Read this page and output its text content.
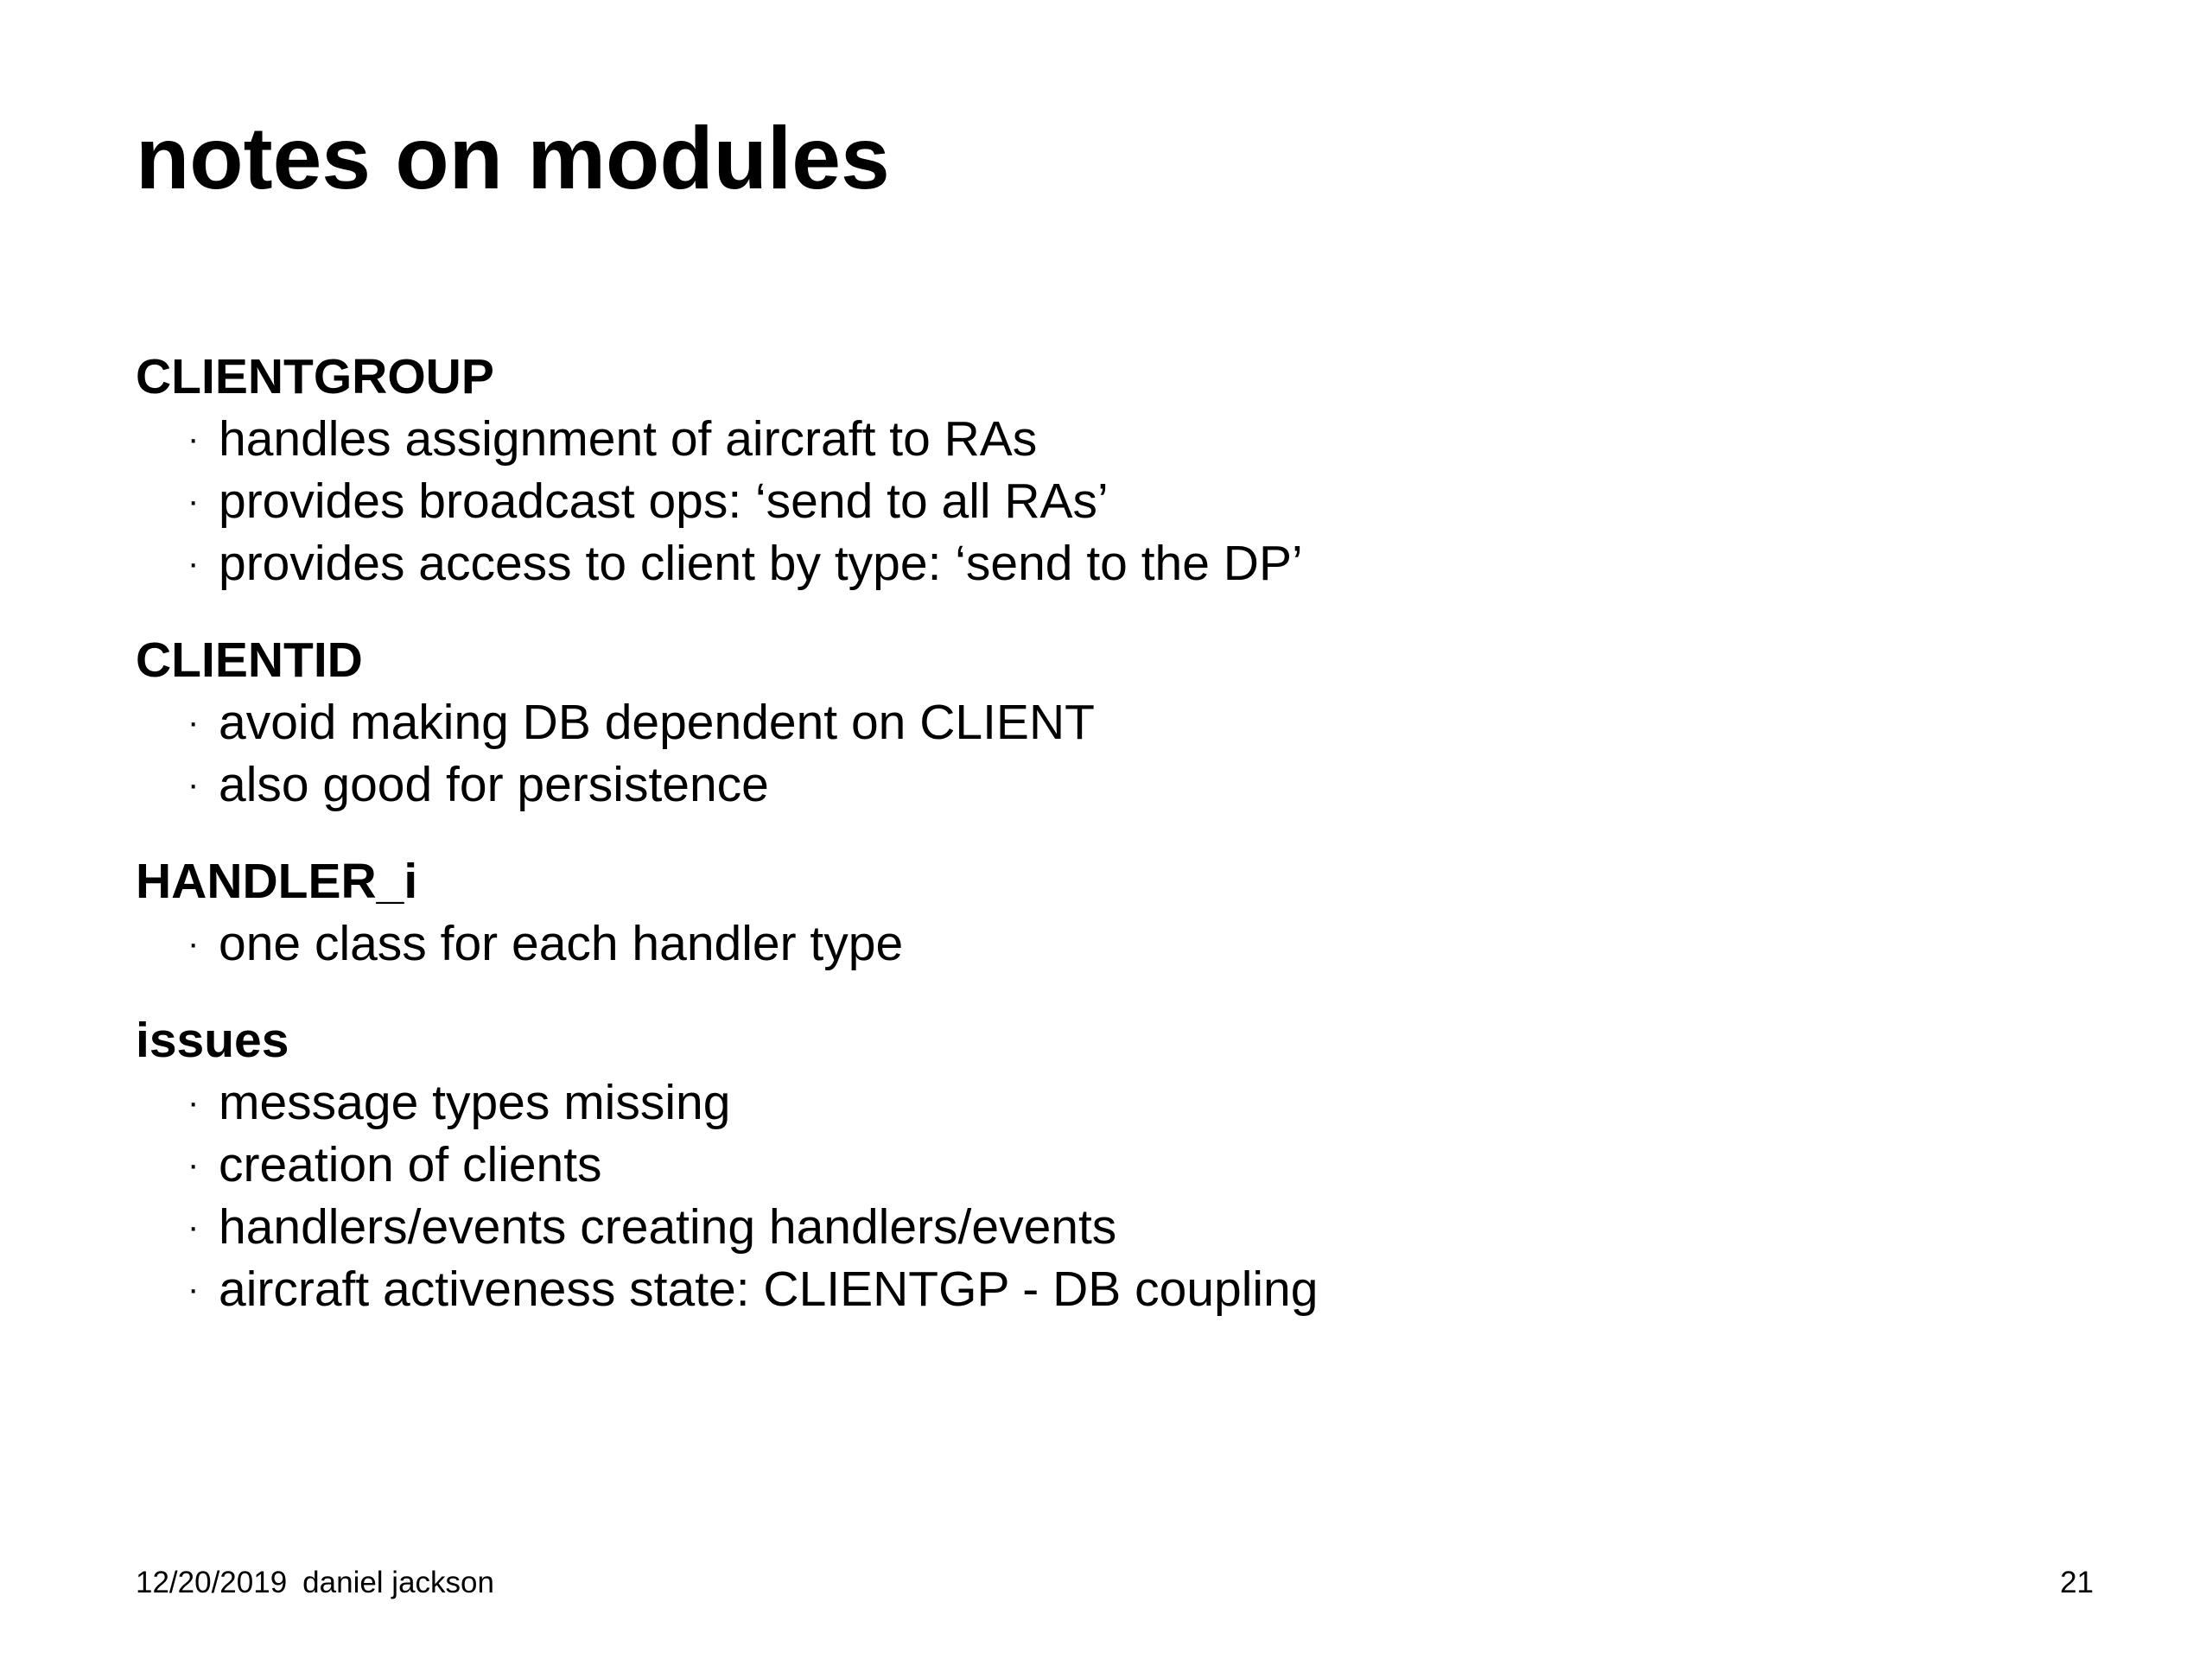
notes on modules
CLIENTGROUP
· handles assignment of aircraft to RAs
· provides broadcast ops: ‘send to all RAs’
· provides access to client by type: ‘send to the DP’
CLIENTID
· avoid making DB dependent on CLIENT
· also good for persistence
HANDLER_i
· one class for each handler type
issues
· message types missing
· creation of clients
· handlers/events creating handlers/events
· aircraft activeness state: CLIENTGP - DB coupling
12/20/2019 daniel jackson	21
